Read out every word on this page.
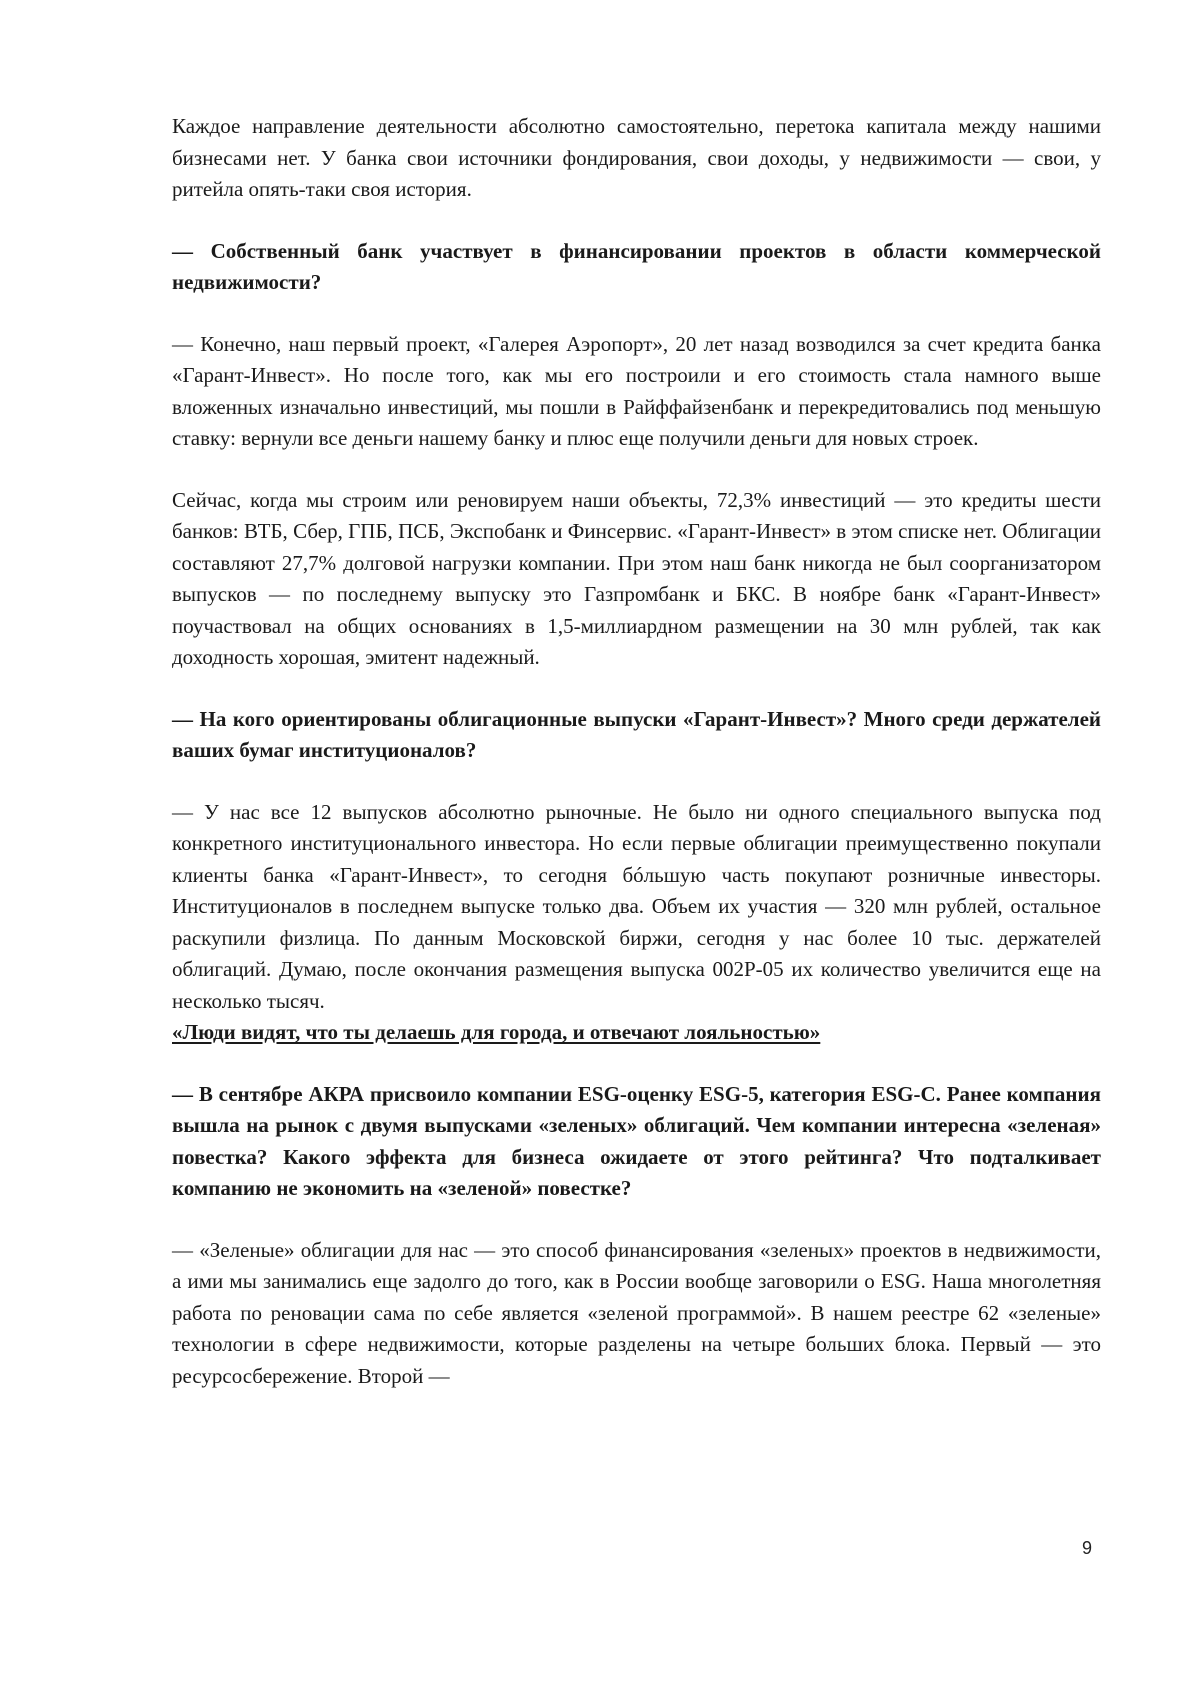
Каждое направление деятельности абсолютно самостоятельно, перетока капитала между нашими бизнесами нет. У банка свои источники фондирования, свои доходы, у недвижимости — свои, у ритейла опять-таки своя история.

— Собственный банк участвует в финансировании проектов в области коммерческой недвижимости?

— Конечно, наш первый проект, «Галерея Аэропорт», 20 лет назад возводился за счет кредита банка «Гарант-Инвест». Но после того, как мы его построили и его стоимость стала намного выше вложенных изначально инвестиций, мы пошли в Райффайзенбанк и перекредитовались под меньшую ставку: вернули все деньги нашему банку и плюс еще получили деньги для новых строек.

Сейчас, когда мы строим или реновируем наши объекты, 72,3% инвестиций — это кредиты шести банков: ВТБ, Сбер, ГПБ, ПСБ, Экспобанк и Финсервис. «Гарант-Инвест» в этом списке нет. Облигации составляют 27,7% долговой нагрузки компании. При этом наш банк никогда не был соорганизатором выпусков — по последнему выпуску это Газпромбанк и БКС. В ноябре банк «Гарант-Инвест» поучаствовал на общих основаниях в 1,5-миллиардном размещении на 30 млн рублей, так как доходность хорошая, эмитент надежный.

— На кого ориентированы облигационные выпуски «Гарант-Инвест»? Много среди держателей ваших бумаг институционалов?

— У нас все 12 выпусков абсолютно рыночные. Не было ни одного специального выпуска под конкретного институционального инвестора. Но если первые облигации преимущественно покупали клиенты банка «Гарант-Инвест», то сегодня бóльшую часть покупают розничные инвесторы. Институционалов в последнем выпуске только два. Объем их участия — 320 млн рублей, остальное раскупили физлица. По данным Московской биржи, сегодня у нас более 10 тыс. держателей облигаций. Думаю, после окончания размещения выпуска 002Р-05 их количество увеличится еще на несколько тысяч.

«Люди видят, что ты делаешь для города, и отвечают лояльностью»

— В сентябре АКРА присвоило компании ESG-оценку ESG-5, категория ESG-С. Ранее компания вышла на рынок с двумя выпусками «зеленых» облигаций. Чем компании интересна «зеленая» повестка? Какого эффекта для бизнеса ожидаете от этого рейтинга? Что подталкивает компанию не экономить на «зеленой» повестке?

— «Зеленые» облигации для нас — это способ финансирования «зеленых» проектов в недвижимости, а ими мы занимались еще задолго до того, как в России вообще заговорили о ESG. Наша многолетняя работа по реновации сама по себе является «зеленой программой». В нашем реестре 62 «зеленые» технологии в сфере недвижимости, которые разделены на четыре больших блока. Первый — это ресурсосбережение. Второй —

9
